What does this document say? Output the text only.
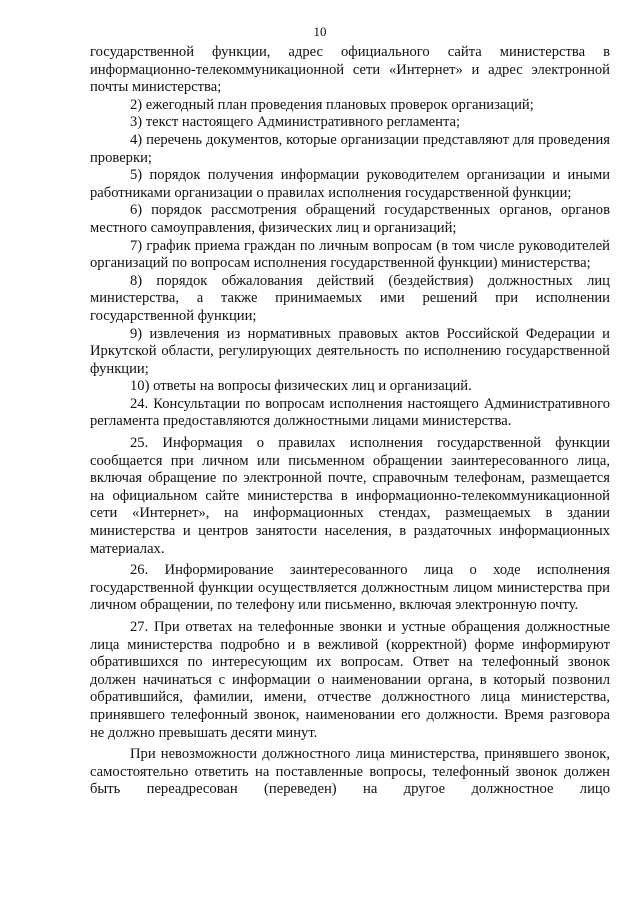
10

государственной функции, адрес официального сайта министерства в информационно-телекоммуникационной сети «Интернет» и адрес электронной почты министерства;

2) ежегодный план проведения плановых проверок организаций;

3) текст настоящего Административного регламента;

4) перечень документов, которые организации представляют для проведения проверки;

5) порядок получения информации руководителем организации и иными работниками организации о правилах исполнения государственной функции;

6) порядок рассмотрения обращений государственных органов, органов местного самоуправления, физических лиц и организаций;

7) график приема граждан по личным вопросам (в том числе руководителей организаций по вопросам исполнения государственной функции) министерства;

8) порядок обжалования действий (бездействия) должностных лиц министерства, а также принимаемых ими решений при исполнении государственной функции;

9) извлечения из нормативных правовых актов Российской Федерации и Иркутской области, регулирующих деятельность по исполнению государственной функции;

10) ответы на вопросы физических лиц и организаций.

24. Консультации по вопросам исполнения настоящего Административного регламента предоставляются должностными лицами министерства.

25. Информация о правилах исполнения государственной функции сообщается при личном или письменном обращении заинтересованного лица, включая обращение по электронной почте, справочным телефонам, размещается на официальном сайте министерства в информационно-телекоммуникационной сети «Интернет», на информационных стендах, размещаемых в здании министерства и центров занятости населения, в раздаточных информационных материалах.

26. Информирование заинтересованного лица о ходе исполнения государственной функции осуществляется должностным лицом министерства при личном обращении, по телефону или письменно, включая электронную почту.

27. При ответах на телефонные звонки и устные обращения должностные лица министерства подробно и в вежливой (корректной) форме информируют обратившихся по интересующим их вопросам. Ответ на телефонный звонок должен начинаться с информации о наименовании органа, в который позвонил обратившийся, фамилии, имени, отчестве должностного лица министерства, принявшего телефонный звонок, наименовании его должности. Время разговора не должно превышать десяти минут.

При невозможности должностного лица министерства, принявшего звонок, самостоятельно ответить на поставленные вопросы, телефонный звонок должен быть переадресован (переведен) на другое должностное лицо
